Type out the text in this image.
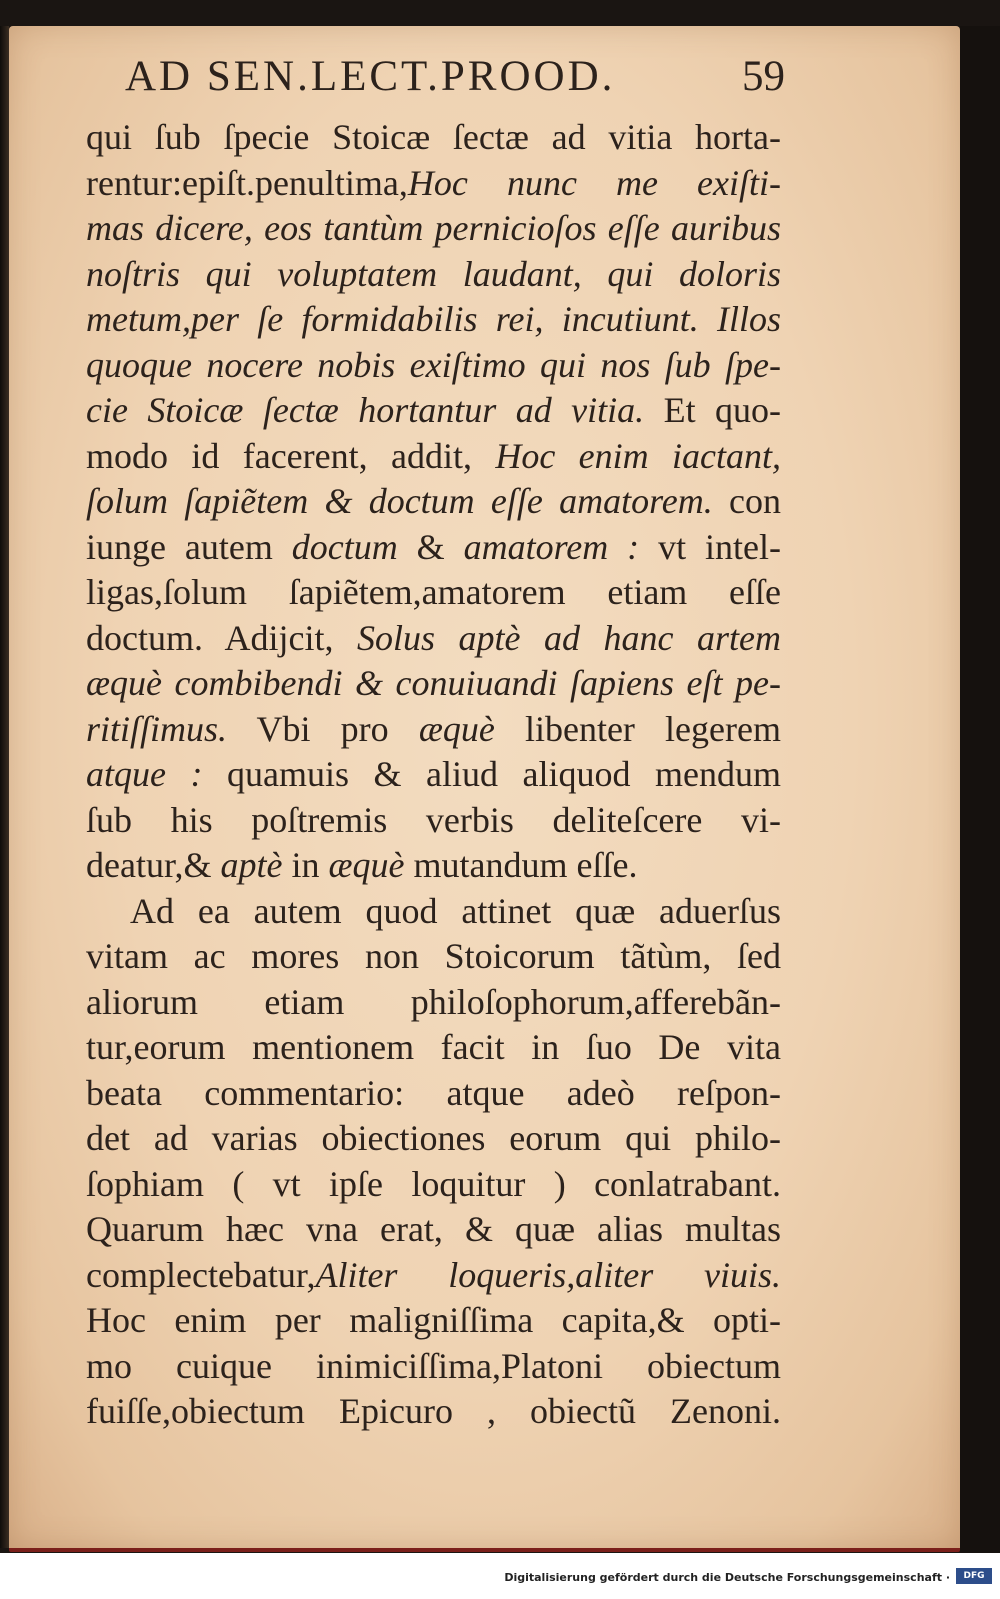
AD SEN.LECT.PROOD.	59
qui ſub ſpecie Stoicæ ſectæ ad vitia horta-
rentur:epiſt.penultima,Hoc nunc me exiſti-
mas dicere, eos tantùm pernicioſos eſſe auribus
noſtris qui voluptatem laudant, qui doloris
metum,per ſe formidabilis rei, incutiunt. Illos
quoque nocere nobis exiſtimo qui nos ſub ſpe-
cie Stoicæ ſectæ hortantur ad vitia. Et quo-
modo id facerent, addit, Hoc enim iactant,
ſolum ſapiẽtem & doctum eſſe amatorem. con
iunge autem doctum & amatorem : vt intel-
ligas,ſolum ſapiẽtem,amatorem etiam eſſe
doctum. Adijcit, Solus aptè ad hanc artem
æquè combibendi & conuiuandi ſapiens eſt pe-
ritiſſimus. Vbi pro æquè libenter legerem
atque : quamuis & aliud aliquod mendum
ſub his poſtremis verbis deliteſcere vi-
deatur,& aptè in æquè mutandum eſſe.
Ad ea autem quod attinet quæ aduerſus
vitam ac mores non Stoicorum tãtùm, ſed
aliorum etiam philoſophorum,afferebãn-
tur,eorum mentionem facit in ſuo De vita
beata commentario: atque adeò reſpon-
det ad varias obiectiones eorum qui philo-
ſophiam ( vt ipſe loquitur ) conlatrabant.
Quarum hæc vna erat, & quæ alias multas
complectebatur,Aliter loqueris,aliter viuis.
Hoc enim per maligniſſima capita,& opti-
mo cuique inimiciſſima,Platoni obiectum
fuiſſe,obiectum Epicuro , obiectũ Zenoni.
Digitalisierung gefördert durch die Deutsche Forschungsgemeinschaft ·	DFG
